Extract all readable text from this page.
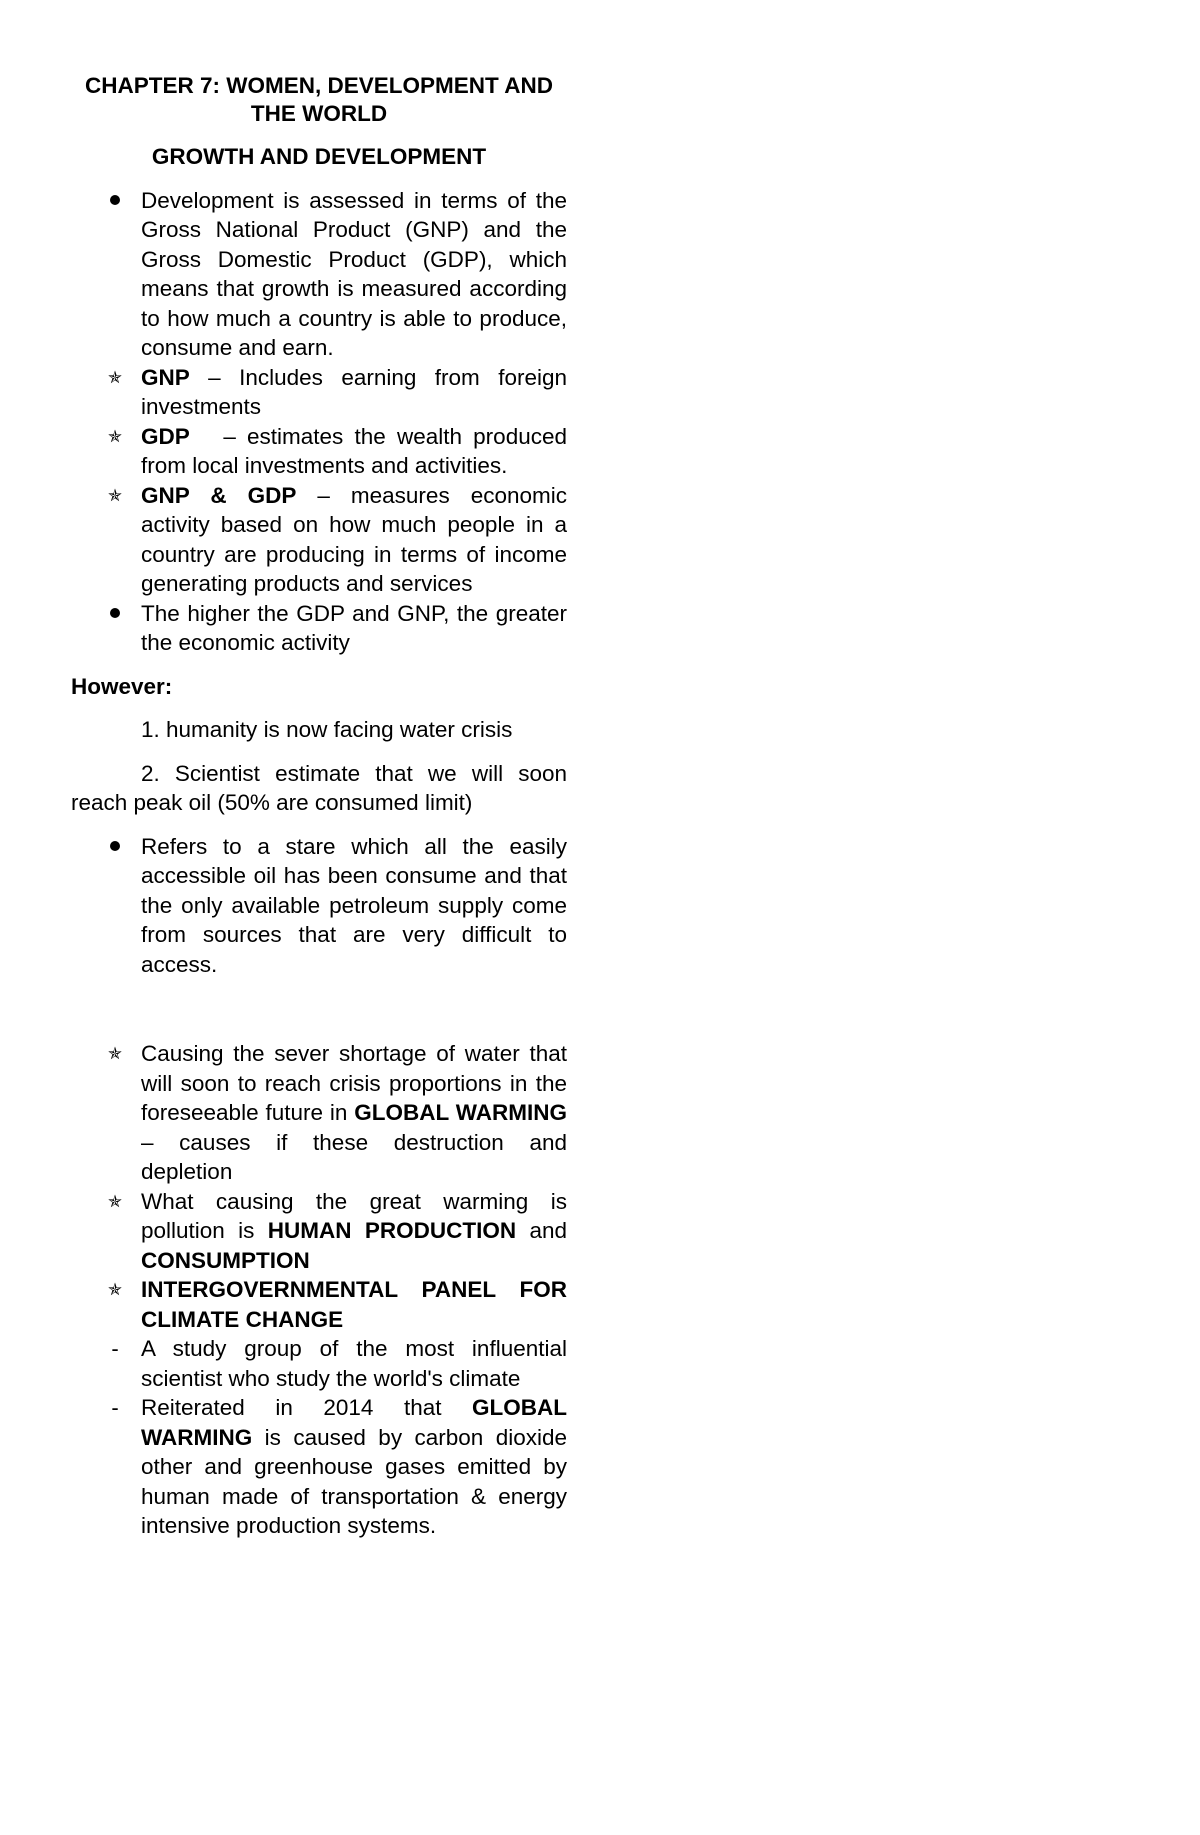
CHAPTER 7: WOMEN, DEVELOPMENT AND
THE WORLD
GROWTH AND DEVELOPMENT
Development is assessed in terms of the Gross National Product (GNP) and the Gross Domestic Product (GDP), which means that growth is measured according to how much a country is able to produce, consume and earn.
✯ GNP – Includes earning from foreign investments
✯ GDP   – estimates the wealth produced from local investments and activities.
✯ GNP & GDP – measures economic activity based on how much people in a country are producing in terms of income generating products and services
The higher the GDP and GNP, the greater the economic activity

However:

1. humanity is now facing water crisis

2. Scientist estimate that we will soon reach peak oil (50% are consumed limit)

Refers to a stare which all the easily accessible oil has been consume and that the only available petroleum supply come from sources that are very difficult to access.
✯ Causing the sever shortage of water that will soon to reach crisis proportions in the foreseeable future in GLOBAL WARMING – causes if these destruction and depletion
✯ What causing the great warming is pollution is HUMAN PRODUCTION and CONSUMPTION
✯ INTERGOVERNMENTAL PANEL FOR CLIMATE CHANGE
- A study group of the most influential scientist who study the world's climate
- Reiterated in 2014 that GLOBAL WARMING is caused by carbon dioxide other and greenhouse gases emitted by human made of transportation & energy intensive production systems.
